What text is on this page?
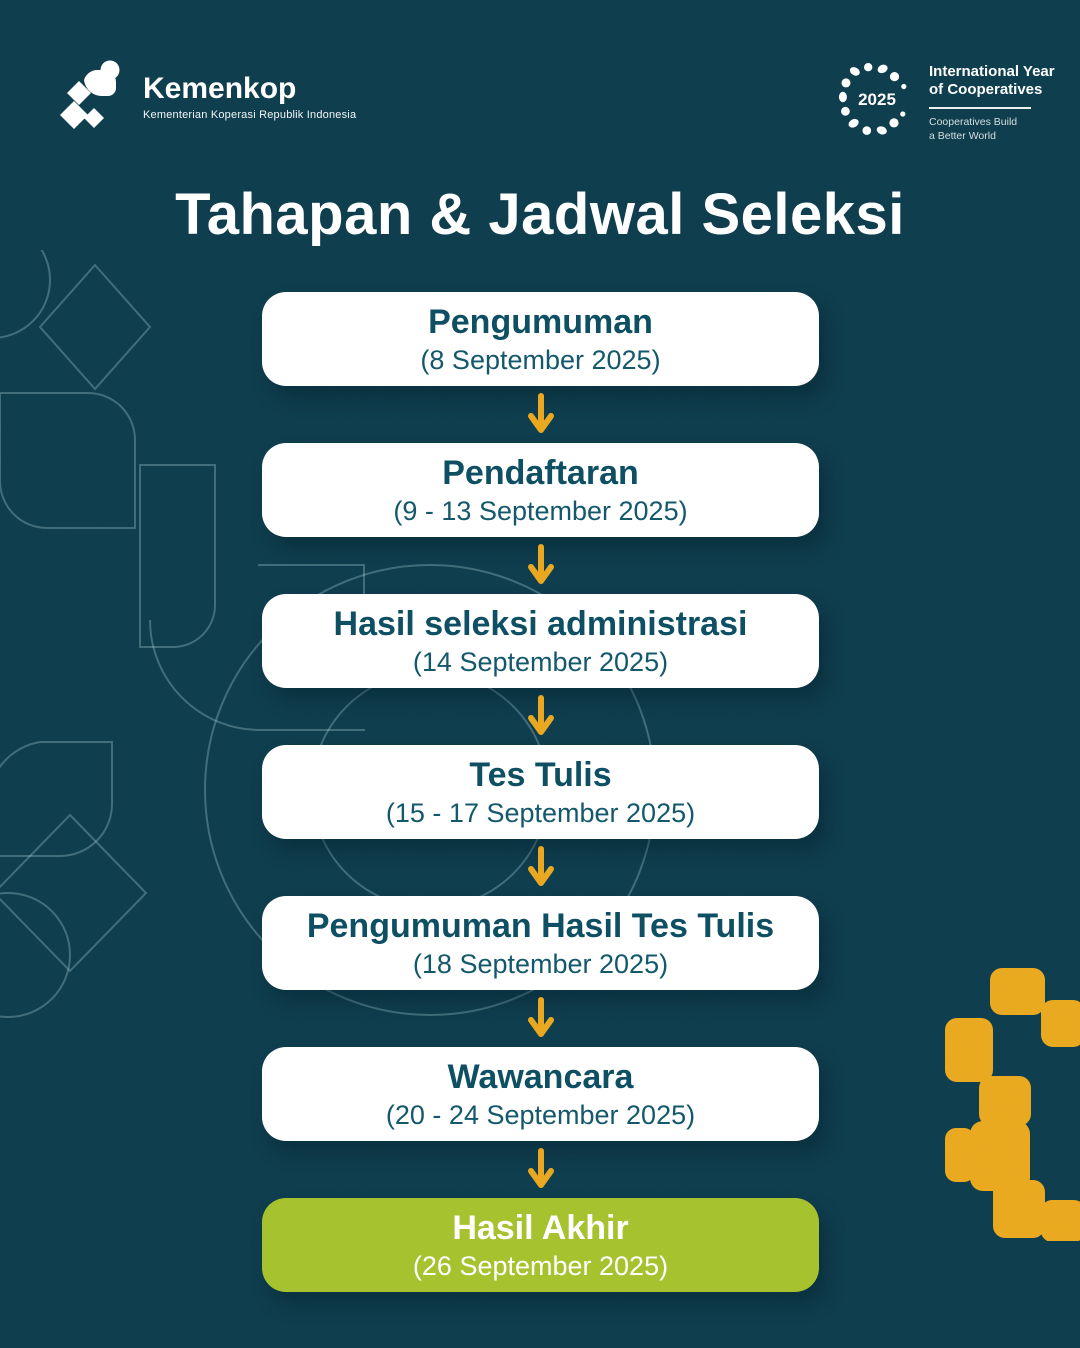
Kemenkop
Kementerian Koperasi Republik Indonesia
2025
International Year
of Cooperatives
Cooperatives Build
a Better World
Tahapan & Jadwal Seleksi
Pengumuman
(8 September 2025)
Pendaftaran
(9 - 13 September 2025)
Hasil seleksi administrasi
(14 September 2025)
Tes Tulis
(15 - 17 September 2025)
Pengumuman Hasil Tes Tulis
(18 September 2025)
Wawancara
(20 - 24 September 2025)
Hasil Akhir
(26 September 2025)
